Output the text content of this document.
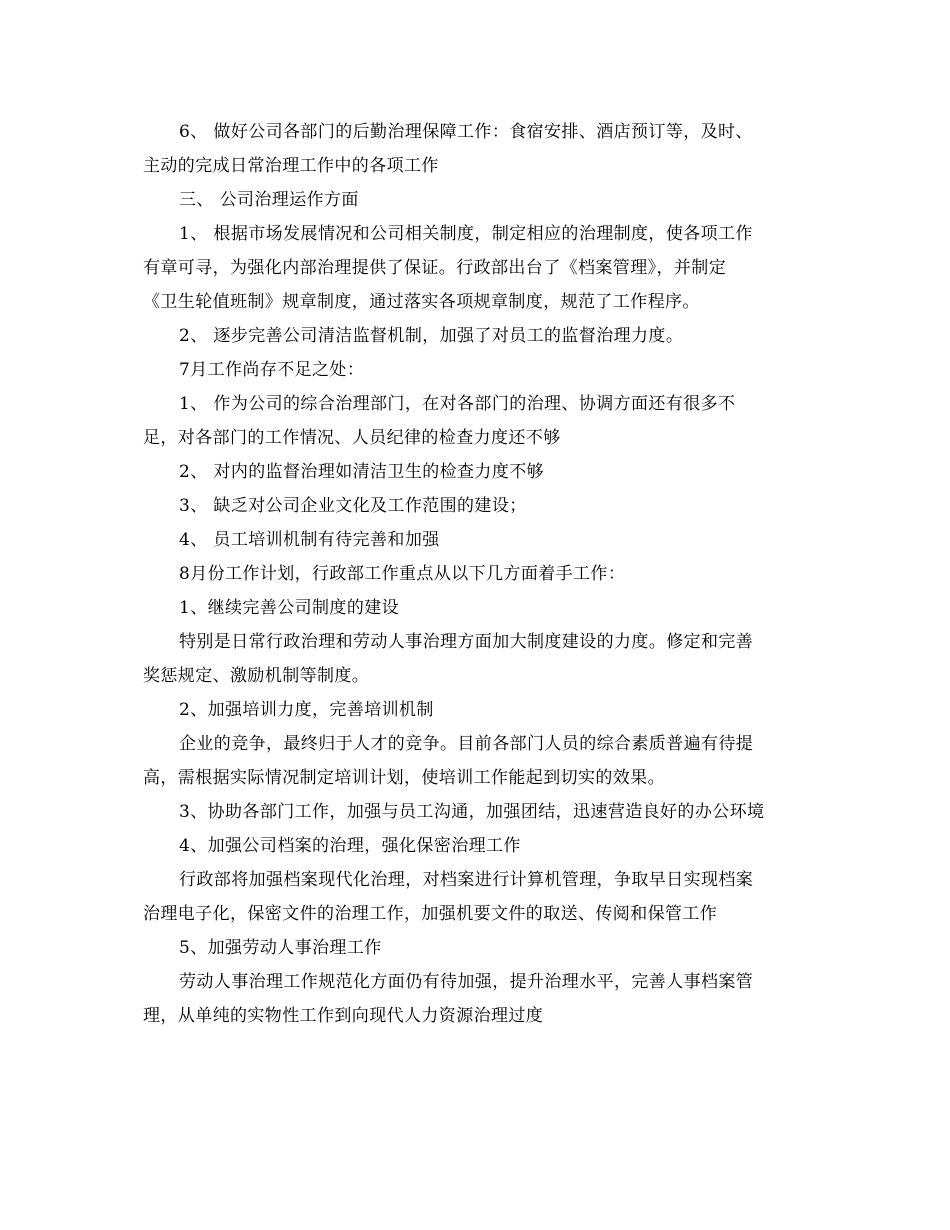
6、 做好公司各部门的后勤治理保障工作：食宿安排、酒店预订等，及时、
主动的完成日常治理工作中的各项工作
三、 公司治理运作方面
1、 根据市场发展情况和公司相关制度，制定相应的治理制度，使各项工作
有章可寻，为强化内部治理提供了保证。行政部出台了《档案管理》，并制定
《卫生轮值班制》规章制度，通过落实各项规章制度，规范了工作程序。
2、 逐步完善公司清洁监督机制，加强了对员工的监督治理力度。
7月工作尚存不足之处：
1、 作为公司的综合治理部门，在对各部门的治理、协调方面还有很多不
足，对各部门的工作情况、人员纪律的检查力度还不够
2、 对内的监督治理如清洁卫生的检查力度不够
3、 缺乏对公司企业文化及工作范围的建设；
4、 员工培训机制有待完善和加强
8月份工作计划，行政部工作重点从以下几方面着手工作：
1、继续完善公司制度的建设
特别是日常行政治理和劳动人事治理方面加大制度建设的力度。修定和完善
奖惩规定、激励机制等制度。
2、加强培训力度，完善培训机制
企业的竞争，最终归于人才的竞争。目前各部门人员的综合素质普遍有待提
高，需根据实际情况制定培训计划，使培训工作能起到切实的效果。
3、协助各部门工作，加强与员工沟通，加强团结，迅速营造良好的办公环境
4、加强公司档案的治理，强化保密治理工作
行政部将加强档案现代化治理，对档案进行计算机管理，争取早日实现档案
治理电子化，保密文件的治理工作，加强机要文件的取送、传阅和保管工作
5、加强劳动人事治理工作
劳动人事治理工作规范化方面仍有待加强，提升治理水平，完善人事档案管
理，从单纯的实物性工作到向现代人力资源治理过度
